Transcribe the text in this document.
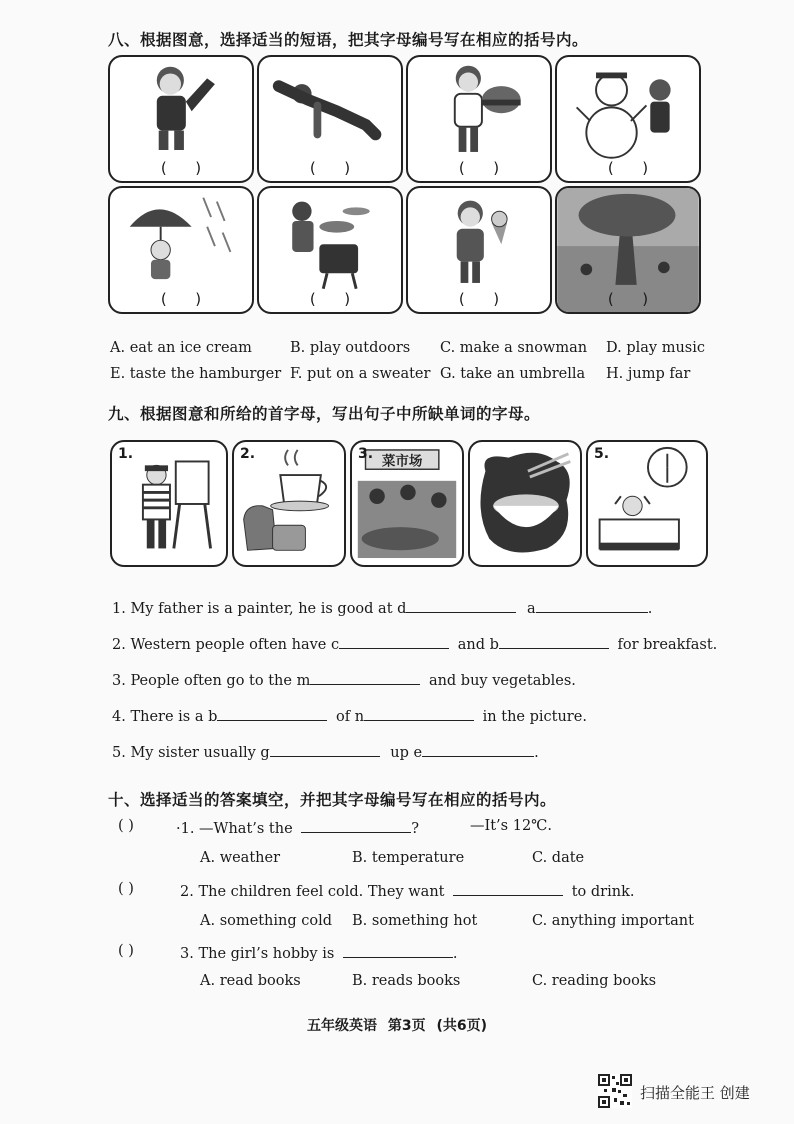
八、根据图意，选择适当的短语，把其字母编号写在相应的括号内。
(      )	(      )	(      )	(      )
(      )	(      )	(      )	(      )
A. eat an ice cream	B. play outdoors C. make a snowman D. play music
E. taste the hamburger F. put on a sweater G. take an umbrella H. jump far
九、根据图意和所给的首字母，写出句子中所缺单词的字母。
1.	2.	菜市场
3.	4.	5.
1. My father is a painter, he is good at d	a	.
2. Western people often have c	and b	for breakfast.
3. People often go to the m	and buy vegetables.
4. There is a b	of n	in the picture.
5. My sister usually g	up e	.
十、选择适当的答案填空，并把其字母编号写在相应的括号内。
( )	·1. —What’s the	?	—It’s 12℃.
A. weather	B. temperature	C. date
( )	2. The children feel cold. They want	to drink.
A. something cold B. something hot	C. anything important
( )	3. The girl’s hobby is	.
A. read books	B. reads books	C. reading books
五年级英语 第3页 (共6页)
扫描全能王 创建
